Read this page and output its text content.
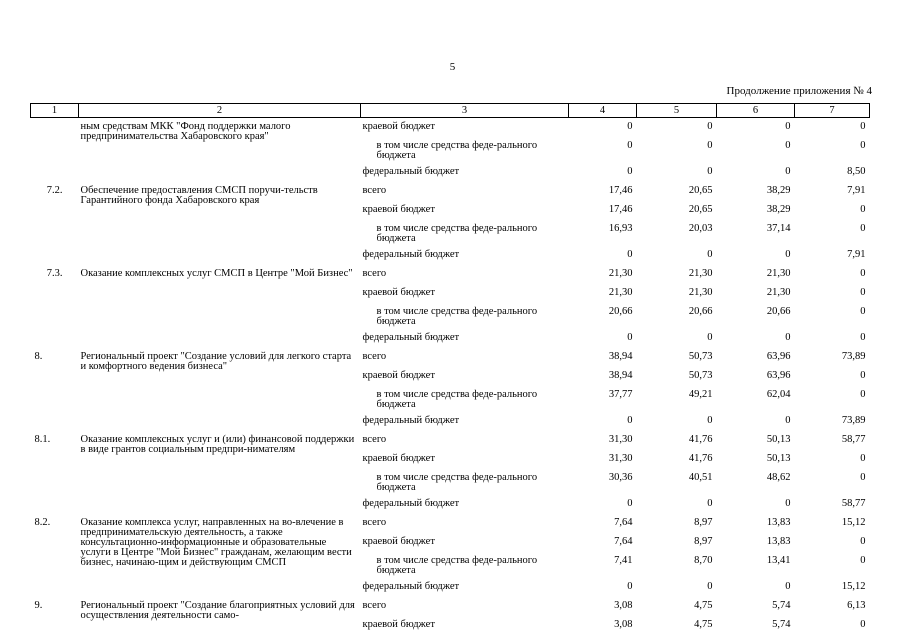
5
Продолжение приложения № 4
1	2	3	4	5	6	7
	ным средствам МКК "Фонд поддержки малого предпринимательства Хабаровского края"	краевой бюджет	0	0	0	0
		в том числе средства феде-рального бюджета	0	0	0	0
		федеральный бюджет	0	0	0	8,50
7.2.	Обеспечение предоставления СМСП поручи-тельств Гарантийного фонда Хабаровского края	всего	17,46	20,65	38,29	7,91
		краевой бюджет	17,46	20,65	38,29	0
		в том числе средства феде-рального бюджета	16,93	20,03	37,14	0
		федеральный бюджет	0	0	0	7,91
7.3.	Оказание комплексных услуг СМСП в Центре "Мой Бизнес"	всего	21,30	21,30	21,30	0
		краевой бюджет	21,30	21,30	21,30	0
		в том числе средства феде-рального бюджета	20,66	20,66	20,66	0
		федеральный бюджет	0	0	0	0
8.	Региональный проект "Создание условий для легкого старта и комфортного ведения бизнеса"	всего	38,94	50,73	63,96	73,89
		краевой бюджет	38,94	50,73	63,96	0
		в том числе средства феде-рального бюджета	37,77	49,21	62,04	0
		федеральный бюджет	0	0	0	73,89
8.1.	Оказание комплексных услуг и (или) финансовой поддержки в виде грантов социальным предпри-нимателям	всего	31,30	41,76	50,13	58,77
		краевой бюджет	31,30	41,76	50,13	0
		в том числе средства феде-рального бюджета	30,36	40,51	48,62	0
		федеральный бюджет	0	0	0	58,77
8.2.	Оказание комплекса услуг, направленных на во-влечение в предпринимательскую деятельность, а также консультационно-информационные и образовательные услуги в Центре "Мой Бизнес" гражданам, желающим вести бизнес, начинаю-щим и действующим СМСП	всего	7,64	8,97	13,83	15,12
		краевой бюджет	7,64	8,97	13,83	0
		в том числе средства феде-рального бюджета	7,41	8,70	13,41	0
		федеральный бюджет	0	0	0	15,12
9.	Региональный проект "Создание благоприятных условий для осуществления деятельности само-	всего	3,08	4,75	5,74	6,13
		краевой бюджет	3,08	4,75	5,74	0
